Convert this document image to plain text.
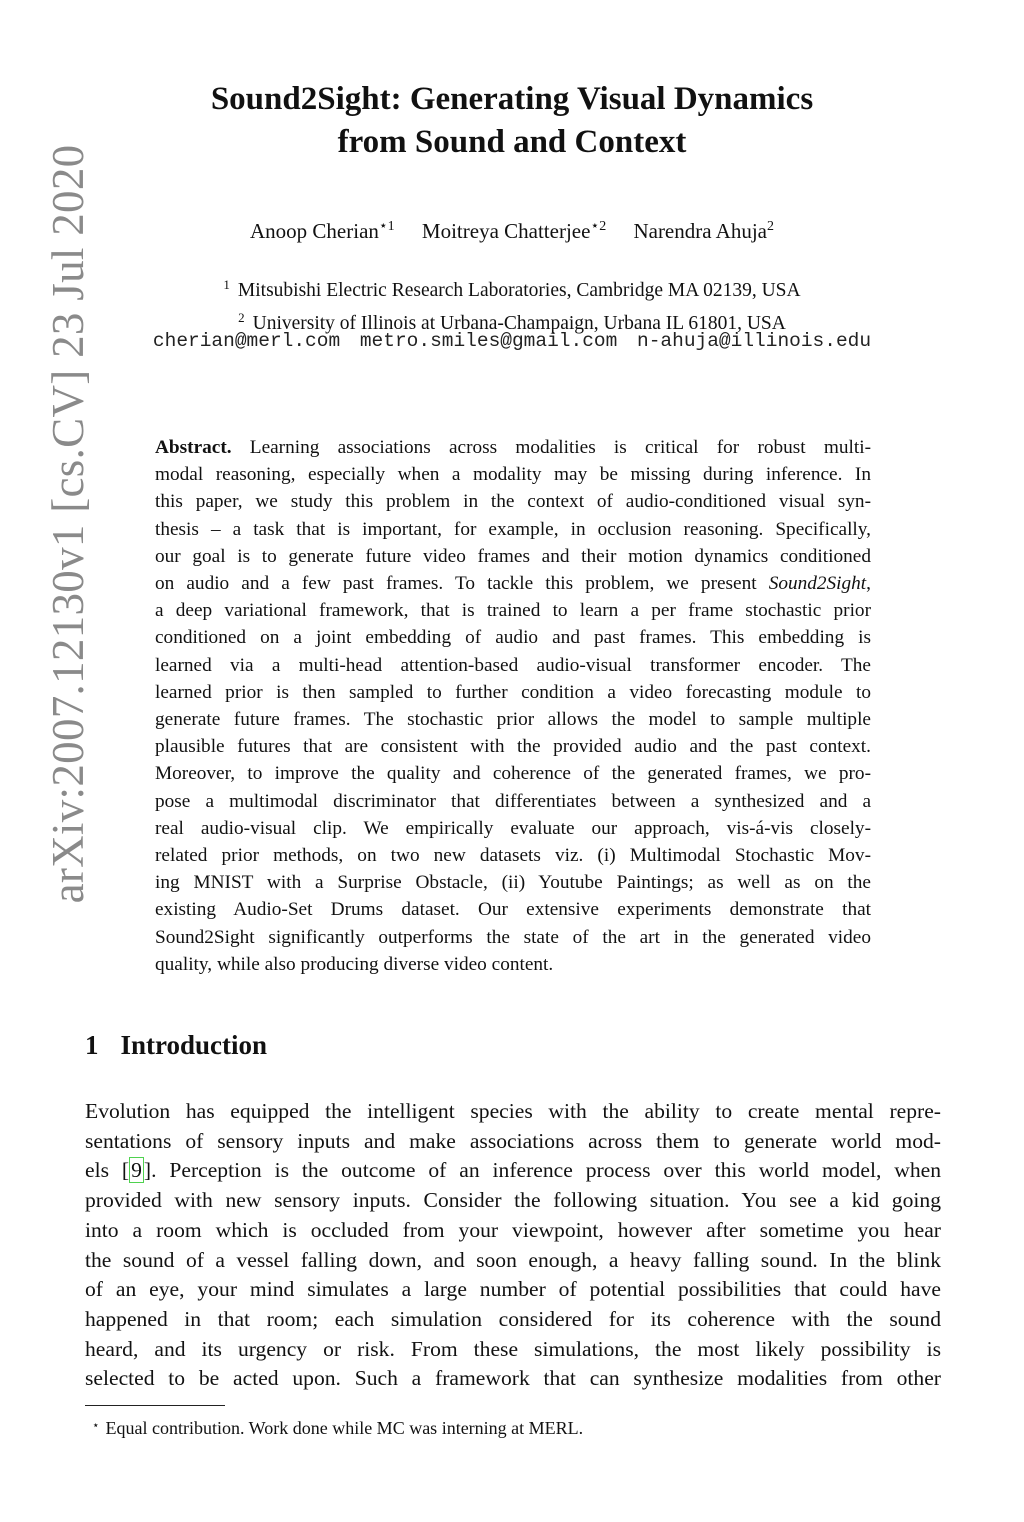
arXiv:2007.12130v1 [cs.CV] 23 Jul 2020
Sound2Sight: Generating Visual Dynamics
from Sound and Context
Anoop Cherian$^{⋆1}$ Moitreya Chatterjee$^{⋆2}$ Narendra Ahuja$^2$
$^1$ Mitsubishi Electric Research Laboratories, Cambridge MA 02139, USA
$^2$ University of Illinois at Urbana-Champaign, Urbana IL 61801, USA
cherian@merl.com metro.smiles@gmail.com n-ahuja@illinois.edu
Abstract. Learning associations across modalities is critical for robust multi-
modal reasoning, especially when a modality may be missing during inference. In
this paper, we study this problem in the context of audio-conditioned visual syn-
thesis – a task that is important, for example, in occlusion reasoning. Specifically,
our goal is to generate future video frames and their motion dynamics conditioned
on audio and a few past frames. To tackle this problem, we present Sound2Sight,
a deep variational framework, that is trained to learn a per frame stochastic prior
conditioned on a joint embedding of audio and past frames. This embedding is
learned via a multi-head attention-based audio-visual transformer encoder. The
learned prior is then sampled to further condition a video forecasting module to
generate future frames. The stochastic prior allows the model to sample multiple
plausible futures that are consistent with the provided audio and the past context.
Moreover, to improve the quality and coherence of the generated frames, we pro-
pose a multimodal discriminator that differentiates between a synthesized and a
real audio-visual clip. We empirically evaluate our approach, vis-á-vis closely-
related prior methods, on two new datasets viz. (i) Multimodal Stochastic Mov-
ing MNIST with a Surprise Obstacle, (ii) Youtube Paintings; as well as on the
existing Audio-Set Drums dataset. Our extensive experiments demonstrate that
Sound2Sight significantly outperforms the state of the art in the generated video
quality, while also producing diverse video content.
1 Introduction
Evolution has equipped the intelligent species with the ability to create mental repre-
sentations of sensory inputs and make associations across them to generate world mod-
els [9]. Perception is the outcome of an inference process over this world model, when
provided with new sensory inputs. Consider the following situation. You see a kid going
into a room which is occluded from your viewpoint, however after sometime you hear
the sound of a vessel falling down, and soon enough, a heavy falling sound. In the blink
of an eye, your mind simulates a large number of potential possibilities that could have
happened in that room; each simulation considered for its coherence with the sound
heard, and its urgency or risk. From these simulations, the most likely possibility is
selected to be acted upon. Such a framework that can synthesize modalities from other
⋆ Equal contribution. Work done while MC was interning at MERL.
